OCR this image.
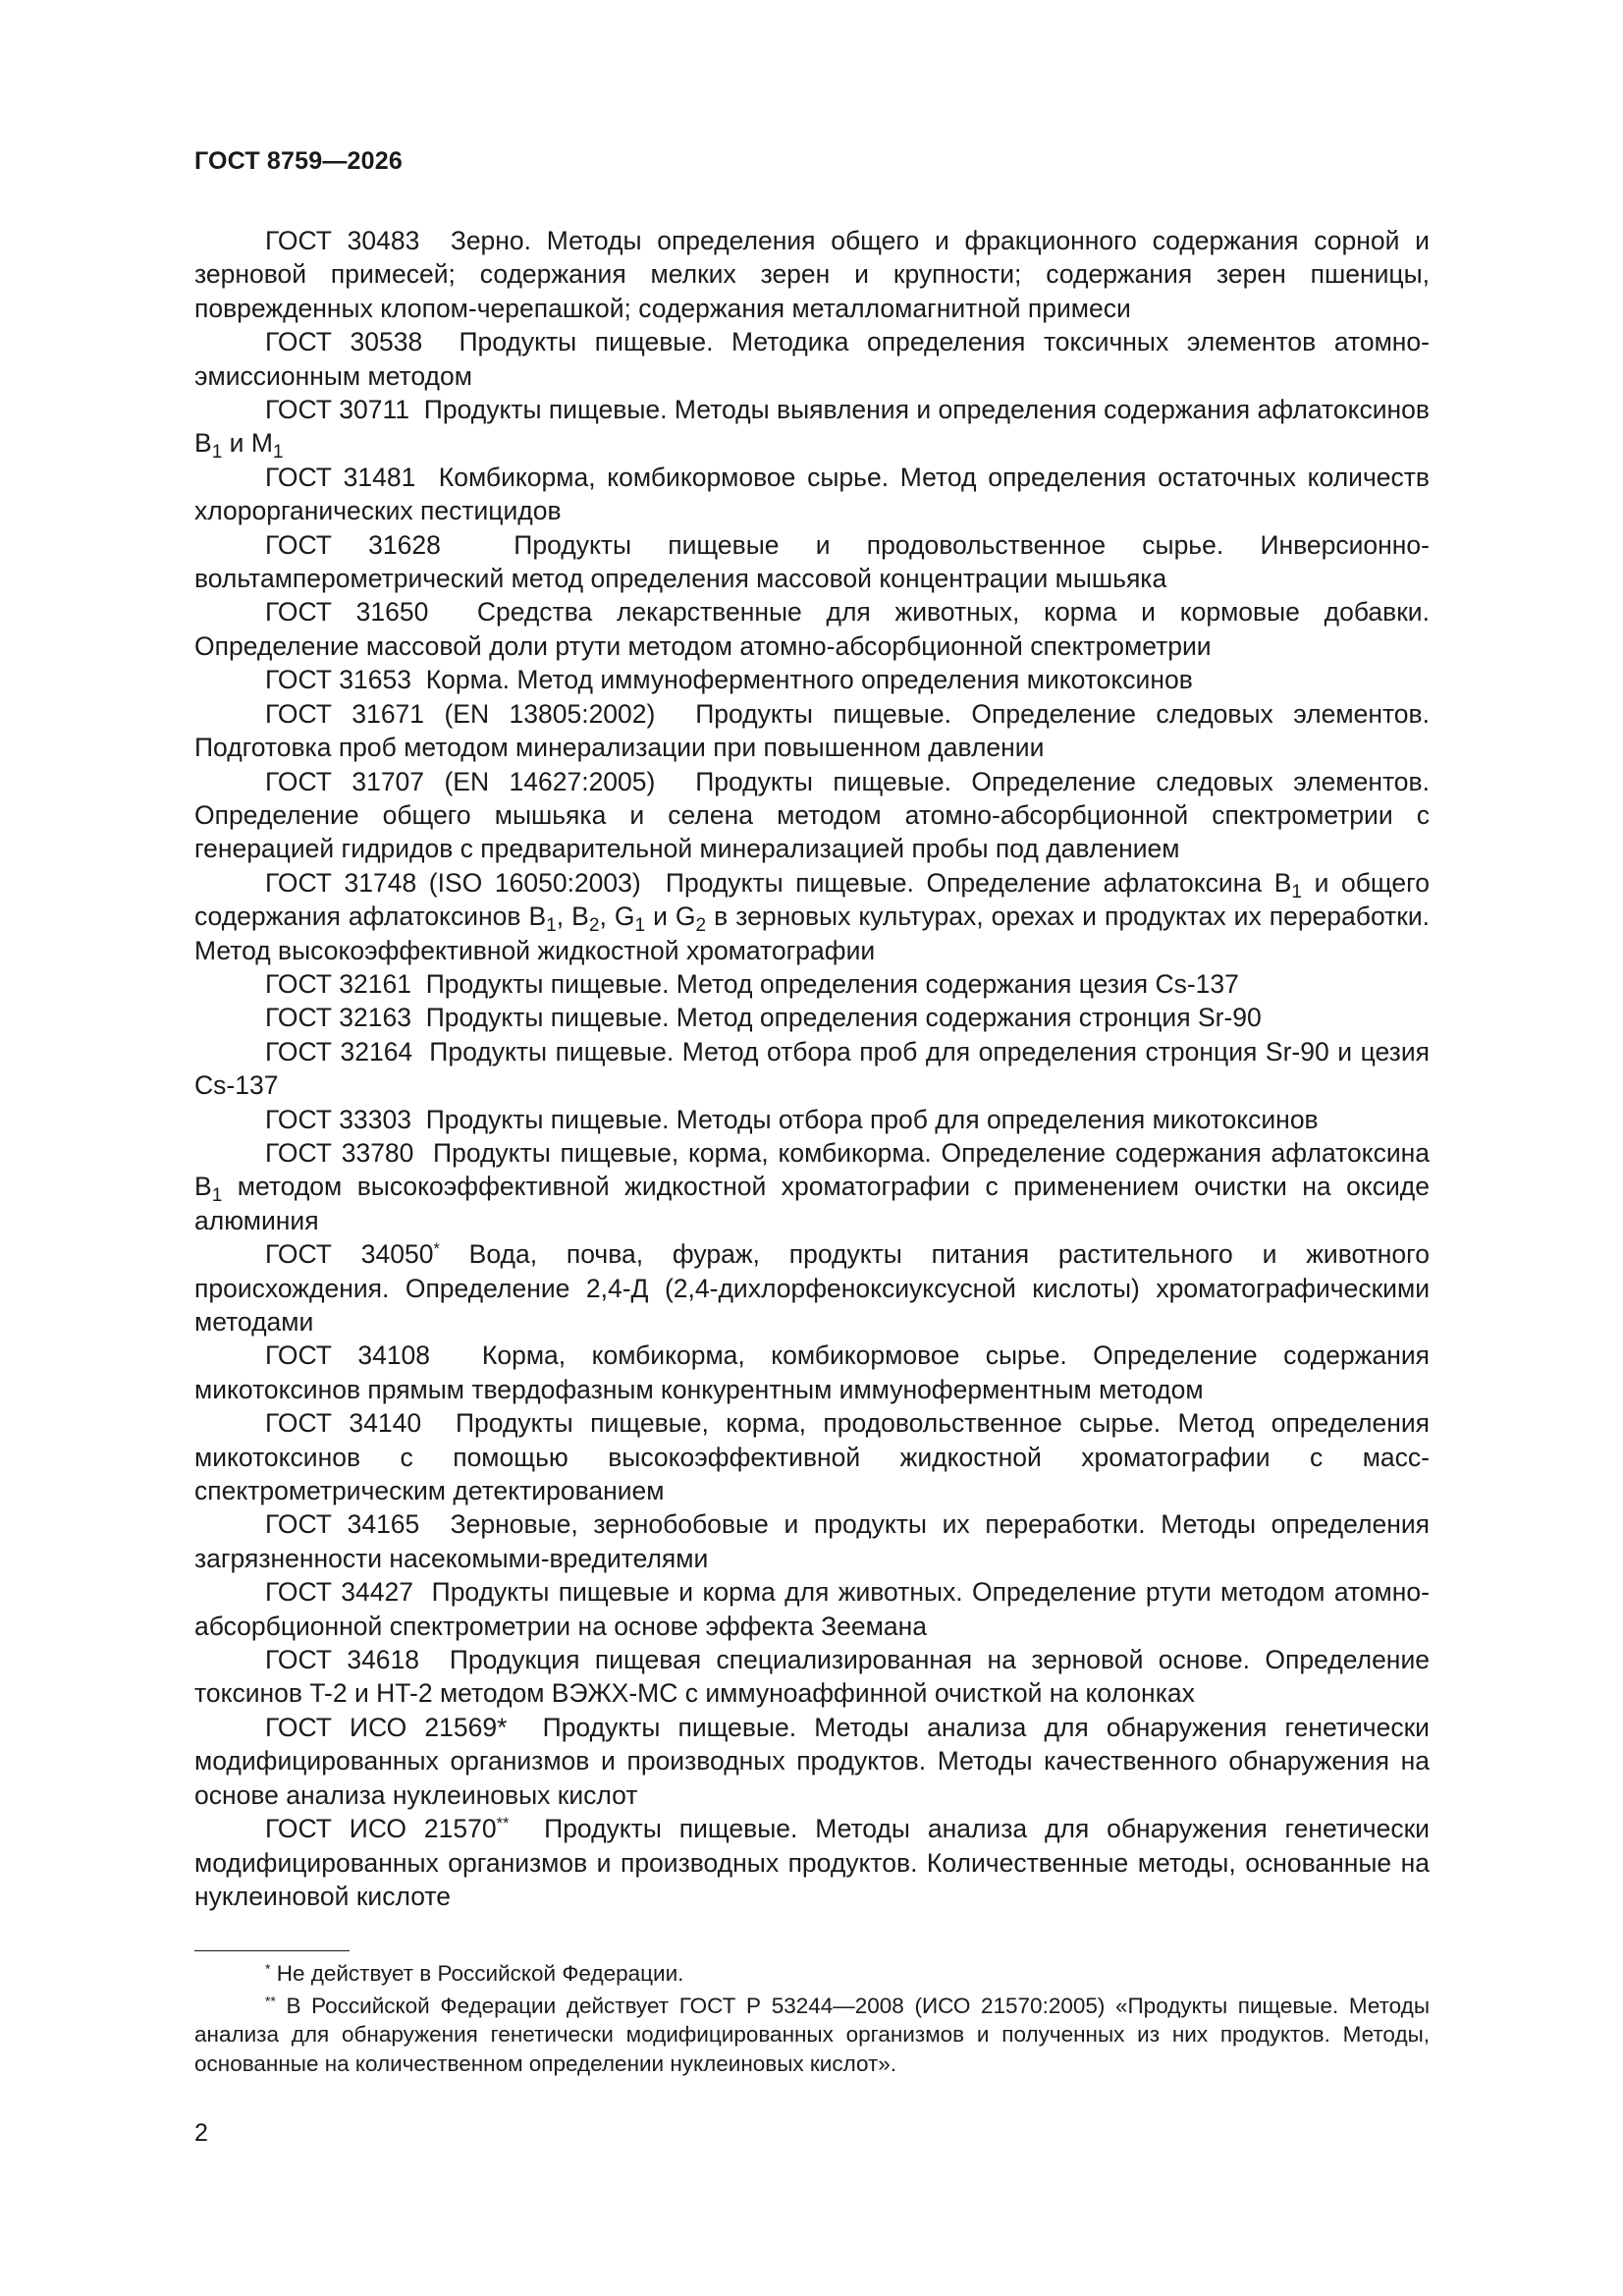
ГОСТ 8759—2026

ГОСТ 30483 Зерно. Методы определения общего и фракционного содержания сорной и зерновой примесей; содержания мелких зерен и крупности; содержания зерен пшеницы, поврежденных клопом-черепашкой; содержания металломагнитной примеси

ГОСТ 30538 Продукты пищевые. Методика определения токсичных элементов атомно-эмиссионным методом

ГОСТ 30711 Продукты пищевые. Методы выявления и определения содержания афлатоксинов $B_1$ и $M_1$

ГОСТ 31481 Комбикорма, комбикормовое сырье. Метод определения остаточных количеств хлорорганических пестицидов

ГОСТ 31628	Продукты пищевые и продовольственное сырье. Инверсионно-вольтамперометрический метод определения массовой концентрации мышьяка

ГОСТ 31650 Средства лекарственные для животных, корма и кормовые добавки. Определение массовой доли ртути методом атомно-абсорбционной спектрометрии

ГОСТ 31653 Корма. Метод иммуноферментного определения микотоксинов

ГОСТ 31671 (EN 13805:2002) Продукты пищевые. Определение следовых элементов. Подготовка проб методом минерализации при повышенном давлении

ГОСТ 31707 (EN 14627:2005) Продукты пищевые. Определение следовых элементов. Определение общего мышьяка и селена методом атомно-абсорбционной спектрометрии с генерацией гидридов с предварительной минерализацией пробы под давлением

ГОСТ 31748 (ISO 16050:2003) Продукты пищевые. Определение афлатоксина $B_1$ и общего содержания афлатоксинов $B_1$, $B_2$, $G_1$ и $G_2$ в зерновых культурах, орехах и продуктах их переработки. Метод высокоэффективной жидкостной хроматографии

ГОСТ 32161 Продукты пищевые. Метод определения содержания цезия Cs-137

ГОСТ 32163 Продукты пищевые. Метод определения содержания стронция Sr-90

ГОСТ 32164 Продукты пищевые. Метод отбора проб для определения стронция Sr-90 и цезия Cs-137

ГОСТ 33303 Продукты пищевые. Методы отбора проб для определения микотоксинов

ГОСТ 33780 Продукты пищевые, корма, комбикорма. Определение содержания афлатоксина $B_1$ методом высокоэффективной жидкостной хроматографии с применением очистки на оксиде алюминия

ГОСТ 34050* Вода, почва, фураж, продукты питания растительного и животного происхождения. Определение 2,4-Д (2,4-дихлорфеноксиуксусной кислоты) хроматографическими методами

ГОСТ 34108 Корма, комбикорма, комбикормовое сырье. Определение содержания микотоксинов прямым твердофазным конкурентным иммуноферментным методом

ГОСТ 34140 Продукты пищевые, корма, продовольственное сырье. Метод определения микотоксинов с помощью высокоэффективной жидкостной хроматографии с масс-спектрометрическим детектированием

ГОСТ 34165 Зерновые, зернобобовые и продукты их переработки. Методы определения загрязненности насекомыми-вредителями

ГОСТ 34427 Продукты пищевые и корма для животных. Определение ртути методом атомно-абсорбционной спектрометрии на основе эффекта Зеемана

ГОСТ 34618 Продукция пищевая специализированная на зерновой основе. Определение токсинов T-2 и HT-2 методом ВЭЖХ-МС с иммуноаффинной очисткой на колонках

ГОСТ ИСО 21569* Продукты пищевые. Методы анализа для обнаружения генетически модифицированных организмов и производных продуктов. Методы качественного обнаружения на основе анализа нуклеиновых кислот

ГОСТ ИСО 21570** Продукты пищевые. Методы анализа для обнаружения генетически модифицированных организмов и производных продуктов. Количественные методы, основанные на нуклеиновой кислоте

* Не действует в Российской Федерации.

** В Российской Федерации действует ГОСТ Р 53244—2008 (ИСО 21570:2005) «Продукты пищевые. Методы анализа для обнаружения генетически модифицированных организмов и полученных из них продуктов. Методы, основанные на количественном определении нуклеиновых кислот».

2
